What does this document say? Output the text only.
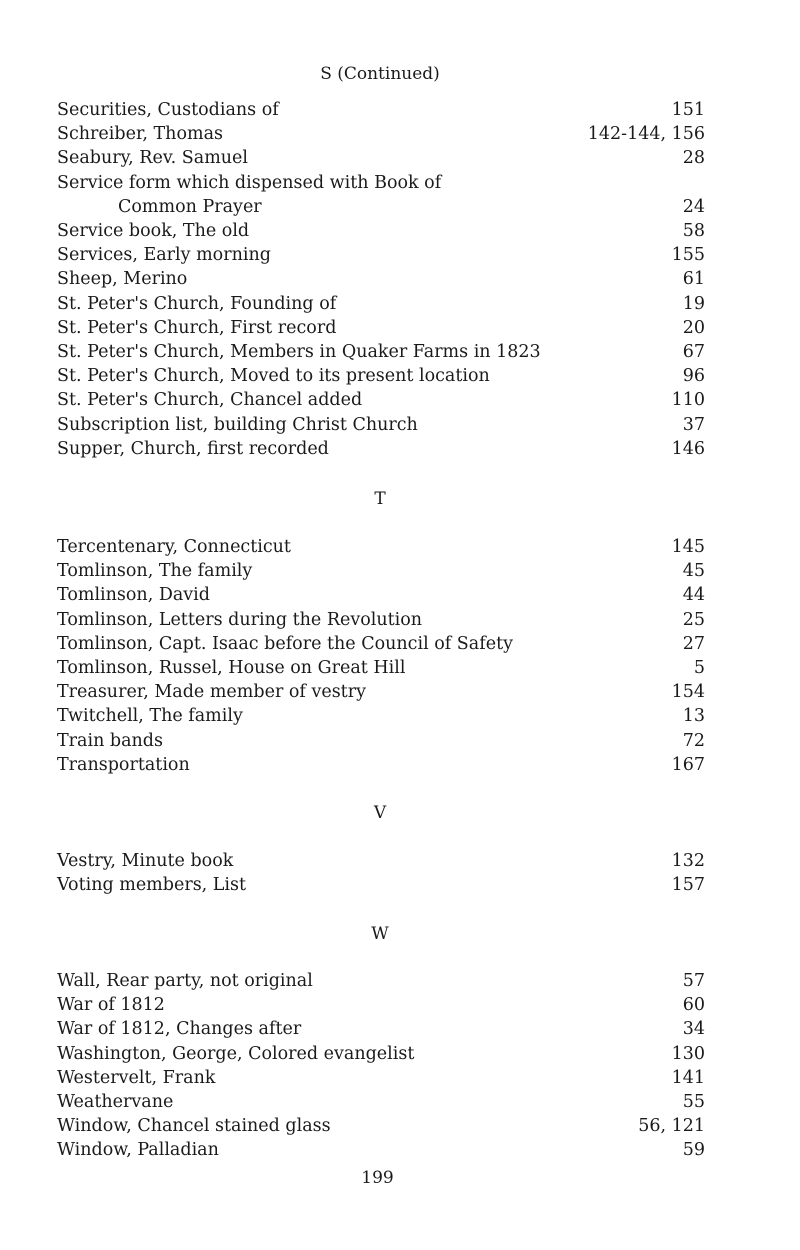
S (Continued)
Securities, Custodians of	151
Schreiber, Thomas	142-144, 156
Seabury, Rev. Samuel	28
Service form which dispensed with Book of
Common Prayer	24
Service book, The old	58
Services, Early morning	155
Sheep, Merino	61
St. Peter's Church, Founding of	19
St. Peter's Church, First record	20
St. Peter's Church, Members in Quaker Farms in 1823	67
St. Peter's Church, Moved to its present location	96
St. Peter's Church, Chancel added	110
Subscription list, building Christ Church	37
Supper, Church, first recorded	146
T
Tercentenary, Connecticut	145
Tomlinson, The family	45
Tomlinson, David	44
Tomlinson, Letters during the Revolution	25
Tomlinson, Capt. Isaac before the Council of Safety	27
Tomlinson, Russel, House on Great Hill	5
Treasurer, Made member of vestry	154
Twitchell, The family	13
Train bands	72
Transportation	167
V
Vestry, Minute book	132
Voting members, List	157
W
Wall, Rear party, not original	57
War of 1812	60
War of 1812, Changes after	34
Washington, George, Colored evangelist	130
Westervelt, Frank	141
Weathervane	55
Window, Chancel stained glass	56, 121
Window, Palladian	59
199
